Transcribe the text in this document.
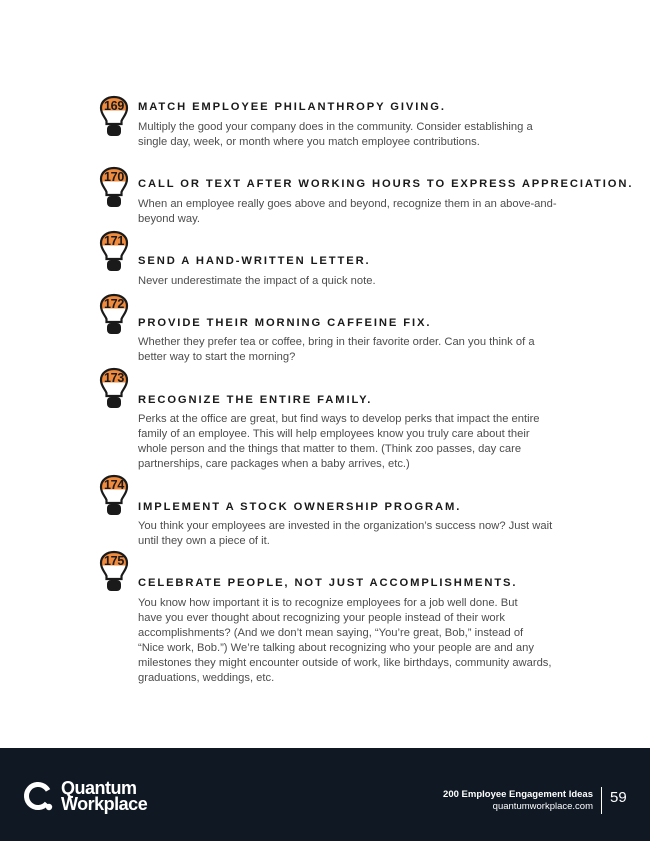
169	MATCH EMPLOYEE PHILANTHROPY GIVING.
Multiply the good your company does in the community. Consider establishing a
single day, week, or month where you match employee contributions.
170	CALL OR TEXT AFTER WORKING HOURS TO EXPRESS APPRECIATION.
When an employee really goes above and beyond, recognize them in an above-and-
beyond way.
171
SEND A HAND-WRITTEN LETTER.
Never underestimate the impact of a quick note.
172
PROVIDE THEIR MORNING CAFFEINE FIX.
Whether they prefer tea or coffee, bring in their favorite order. Can you think of a
better way to start the morning?
173
RECOGNIZE THE ENTIRE FAMILY.
Perks at the office are great, but find ways to develop perks that impact the entire
family of an employee. This will help employees know you truly care about their
whole person and the things that matter to them. (Think zoo passes, day care
partnerships, care packages when a baby arrives, etc.)
174
IMPLEMENT A STOCK OWNERSHIP PROGRAM.
You think your employees are invested in the organization’s success now? Just wait
until they own a piece of it.
175
CELEBRATE PEOPLE, NOT JUST ACCOMPLISHMENTS.
You know how important it is to recognize employees for a job well done. But
have you ever thought about recognizing your people instead of their work
accomplishments? (And we don’t mean saying, “You’re great, Bob,” instead of
“Nice work, Bob.”) We’re talking about recognizing who your people are and any
milestones they might encounter outside of work, like birthdays, community awards,
graduations, weddings, etc.
Quantum
Workplace	200 Employee Engagement Ideas
quantumworkplace.com
59
